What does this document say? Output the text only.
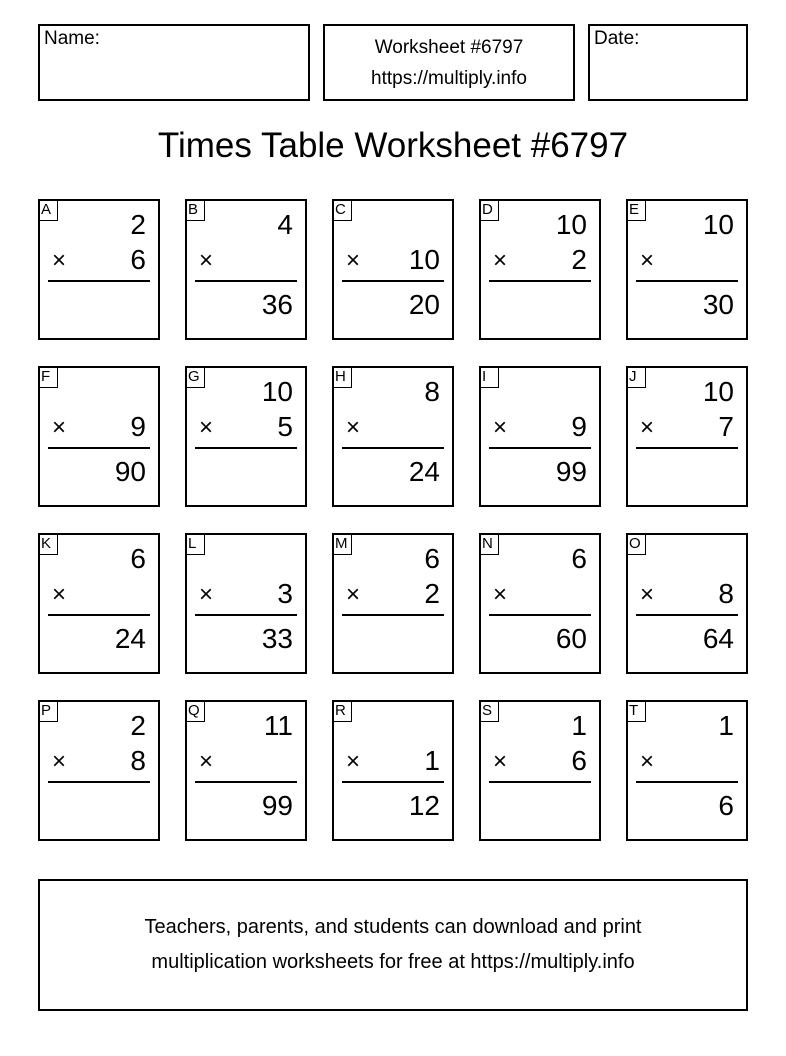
Name:	Worksheet #6797
https://multiply.info
Date:
Times Table Worksheet #6797
A	2
× 6
B	4
×
36
C
× 10
20
D 10
× 2
E 10
×
30
F
× 9
90
G 10
× 5
H	8
×
24
I
× 9
99
J	10
× 7
K	6
×
24
L
× 3
33
M	6
× 2
N	6
×
60
O
× 8
64
P	2
× 8
Q 11
×
99
R
× 1
12
S	1
× 6
T	1
×
6
Teachers, parents, and students can download and print
multiplication worksheets for free at https://multiply.info
